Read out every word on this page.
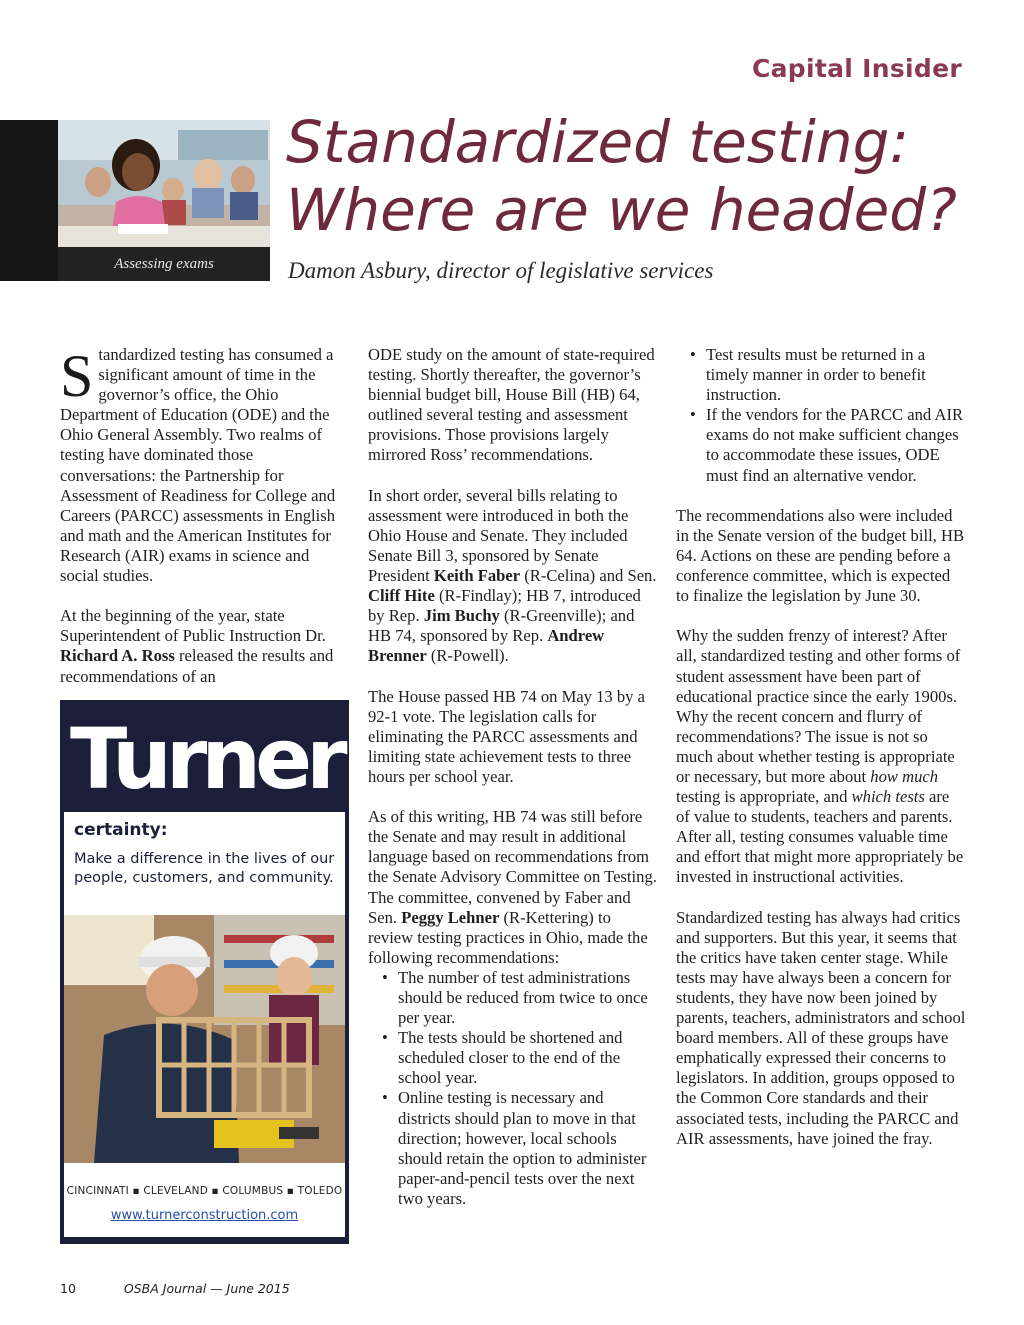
Capital Insider
Assessing exams
Standardized testing:
Where are we headed?
Damon Asbury, director of legislative services

Standardized testing has consumed a significant amount of time in the governor’s office, the Ohio Department of Education (ODE) and the Ohio General Assembly. Two realms of testing have dominated those conversations: the Partnership for Assessment of Readiness for College and Careers (PARCC) assessments in English and math and the American Institutes for Research (AIR) exams in science and social studies.

At the beginning of the year, state Superintendent of Public Instruction Dr. Richard A. Ross released the results and recommendations of an

Turner
certainty:
Make a difference in the lives of our people, customers, and community.
CINCINNATI ▪ CLEVELAND ▪ COLUMBUS ▪ TOLEDO
www.turnerconstruction.com

ODE study on the amount of state-required testing. Shortly thereafter, the governor’s biennial budget bill, House Bill (HB) 64, outlined several testing and assessment provisions. Those provisions largely mirrored Ross’ recommendations.

In short order, several bills relating to assessment were introduced in both the Ohio House and Senate. They included Senate Bill 3, sponsored by Senate President Keith Faber (R-Celina) and Sen. Cliff Hite (R-Findlay); HB 7, introduced by Rep. Jim Buchy (R-Greenville); and HB 74, sponsored by Rep. Andrew Brenner (R-Powell).

The House passed HB 74 on May 13 by a 92-1 vote. The legislation calls for eliminating the PARCC assessments and limiting state achievement tests to three hours per school year.

As of this writing, HB 74 was still before the Senate and may result in additional language based on recommendations from the Senate Advisory Committee on Testing. The committee, convened by Faber and Sen. Peggy Lehner (R-Kettering) to review testing practices in Ohio, made the following recommendations:

• The number of test administrations should be reduced from twice to once per year.
• The tests should be shortened and scheduled closer to the end of the school year.
• Online testing is necessary and districts should plan to move in that direction; however, local schools should retain the option to administer paper-and-pencil tests over the next two years.
• Test results must be returned in a timely manner in order to benefit instruction.
• If the vendors for the PARCC and AIR exams do not make sufficient changes to accommodate these issues, ODE must find an alternative vendor.

The recommendations also were included in the Senate version of the budget bill, HB 64. Actions on these are pending before a conference committee, which is expected to finalize the legislation by June 30.

Why the sudden frenzy of interest? After all, standardized testing and other forms of student assessment have been part of educational practice since the early 1900s. Why the recent concern and flurry of recommendations? The issue is not so much about whether testing is appropriate or necessary, but more about how much testing is appropriate, and which tests are of value to students, teachers and parents. After all, testing consumes valuable time and effort that might more appropriately be invested in instructional activities.

Standardized testing has always had critics and supporters. But this year, it seems that the critics have taken center stage. While tests may have always been a concern for students, they have now been joined by parents, teachers, administrators and school board members. All of these groups have emphatically expressed their concerns to legislators. In addition, groups opposed to the Common Core standards and their associated tests, including the PARCC and AIR assessments, have joined the fray.

10	OSBA Journal — June 2015
